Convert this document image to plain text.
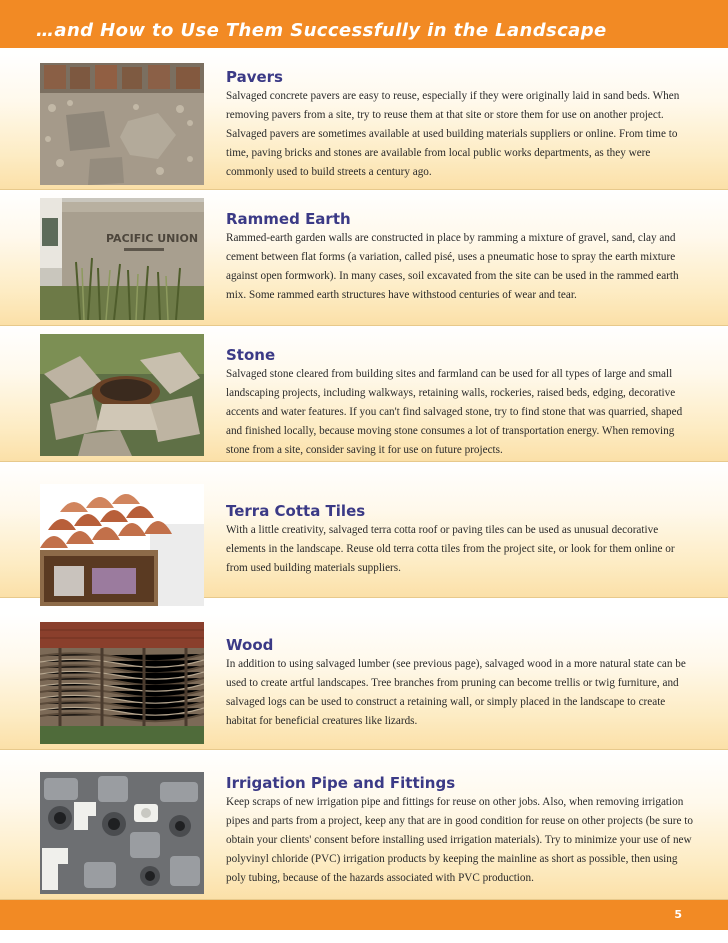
…and How to Use Them Successfully in the Landscape
Pavers

Salvaged concrete pavers are easy to reuse, especially if they were originally laid in sand beds. When removing pavers from a site, try to reuse them at that site or store them for use on another project. Salvaged pavers are sometimes available at used building materials suppliers or online. From time to time, paving bricks and stones are available from local public works departments, as they were commonly used to build streets a century ago.

PACIFIC UNION
Rammed Earth

Rammed-earth garden walls are constructed in place by ramming a mixture of gravel, sand, clay and cement between flat forms (a variation, called pisé, uses a pneumatic hose to spray the earth mixture against open formwork). In many cases, soil excavated from the site can be used in the rammed earth mix. Some rammed earth structures have withstood centuries of wear and tear.

Stone

Salvaged stone cleared from building sites and farmland can be used for all types of large and small landscaping projects, including walkways, retaining walls, rockeries, raised beds, edging, decorative accents and water features. If you can't find salvaged stone, try to find stone that was quarried, shaped and finished locally, because moving stone consumes a lot of transportation energy. When removing stone from a site, consider saving it for use on future projects.

Terra Cotta Tiles

With a little creativity, salvaged terra cotta roof or paving tiles can be used as unusual decorative elements in the landscape. Reuse old terra cotta tiles from the project site, or look for them online or from used building materials suppliers.

Wood

In addition to using salvaged lumber (see previous page), salvaged wood in a more natural state can be used to create artful landscapes. Tree branches from pruning can become trellis or twig furniture, and salvaged logs can be used to construct a retaining wall, or simply placed in the landscape to create habitat for beneficial creatures like lizards.

Irrigation Pipe and Fittings

Keep scraps of new irrigation pipe and fittings for reuse on other jobs. Also, when removing irrigation pipes and parts from a project, keep any that are in good condition for reuse on other projects (be sure to obtain your clients' consent before installing used irrigation materials). Try to minimize your use of new polyvinyl chloride (PVC) irrigation products by keeping the mainline as short as possible, then using poly tubing, because of the hazards associated with PVC production.

5
